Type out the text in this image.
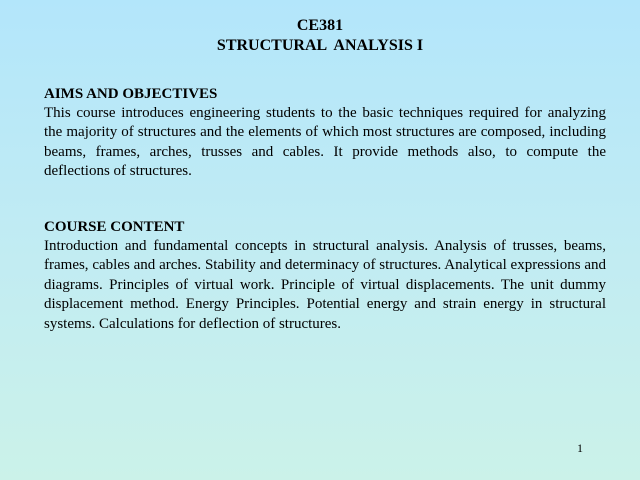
CE381
STRUCTURAL  ANALYSIS I
AIMS AND OBJECTIVES

This course introduces engineering students to the basic techniques required for analyzing the majority of structures and the elements of which most structures are composed, including beams, frames, arches, trusses and cables. It provide methods also, to compute the deflections of structures.

COURSE CONTENT

Introduction and fundamental concepts in structural analysis. Analysis of trusses, beams, frames, cables and arches. Stability and determinacy of structures. Analytical expressions and diagrams. Principles of virtual work. Principle of virtual displacements. The unit dummy displacement method. Energy Principles. Potential energy and strain energy in structural systems. Calculations for deflection of structures.

1
